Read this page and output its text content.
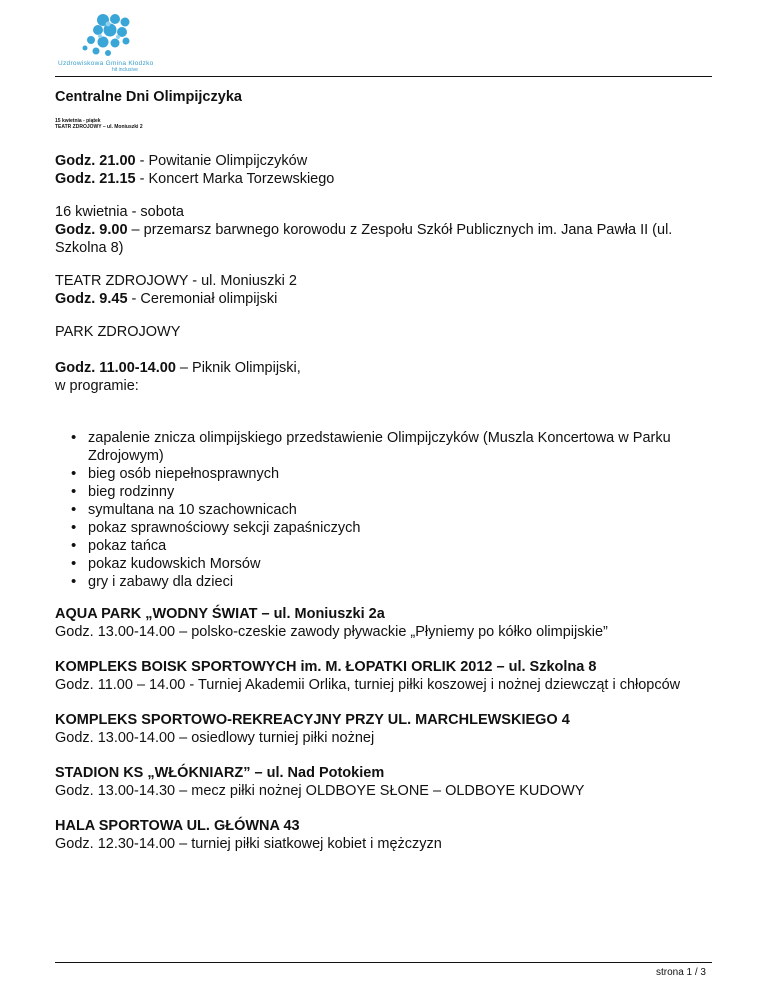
Uzdrowiskowa Gmina Kłodzko
hit inclusive
Centralne Dni Olimpijczyka
15 kwietnia - piątek
TEATR ZDROJOWY – ul. Moniuszki 2

Godz. 21.00 - Powitanie Olimpijczyków
Godz. 21.15 - Koncert Marka Torzewskiego

16 kwietnia - sobota
Godz. 9.00 – przemarsz barwnego korowodu z Zespołu Szkół Publicznych im. Jana Pawła II (ul. Szkolna 8)

TEATR ZDROJOWY - ul. Moniuszki 2
Godz. 9.45 - Ceremoniał olimpijski

PARK ZDROJOWY

Godz. 11.00-14.00 – Piknik Olimpijski,
w programie:

• zapalenie znicza olimpijskiego przedstawienie Olimpijczyków (Muszla Koncertowa w Parku Zdrojowym)
• bieg osób niepełnosprawnych
• bieg rodzinny
• symultana na 10 szachownicach
• pokaz sprawnościowy sekcji zapaśniczych
• pokaz tańca
• pokaz kudowskich Morsów
• gry i zabawy dla dzieci
AQUA PARK „WODNY ŚWIAT – ul. Moniuszki 2a
Godz. 13.00-14.00 – polsko-czeskie zawody pływackie „Płyniemy po kółko olimpijskie”
KOMPLEKS BOISK SPORTOWYCH im. M. ŁOPATKI ORLIK 2012 – ul. Szkolna 8
Godz. 11.00 – 14.00 - Turniej Akademii Orlika, turniej piłki koszowej i nożnej dziewcząt i chłopców
KOMPLEKS SPORTOWO-REKREACYJNY PRZY UL. MARCHLEWSKIEGO 4
Godz. 13.00-14.00 – osiedlowy turniej piłki nożnej
STADION KS „WŁÓKNIARZ” – ul. Nad Potokiem
Godz. 13.00-14.30 – mecz piłki nożnej OLDBOYE SŁONE – OLDBOYE KUDOWY
HALA SPORTOWA UL. GŁÓWNA 43
Godz. 12.30-14.00 – turniej piłki siatkowej kobiet i mężczyzn
strona 1 / 3
